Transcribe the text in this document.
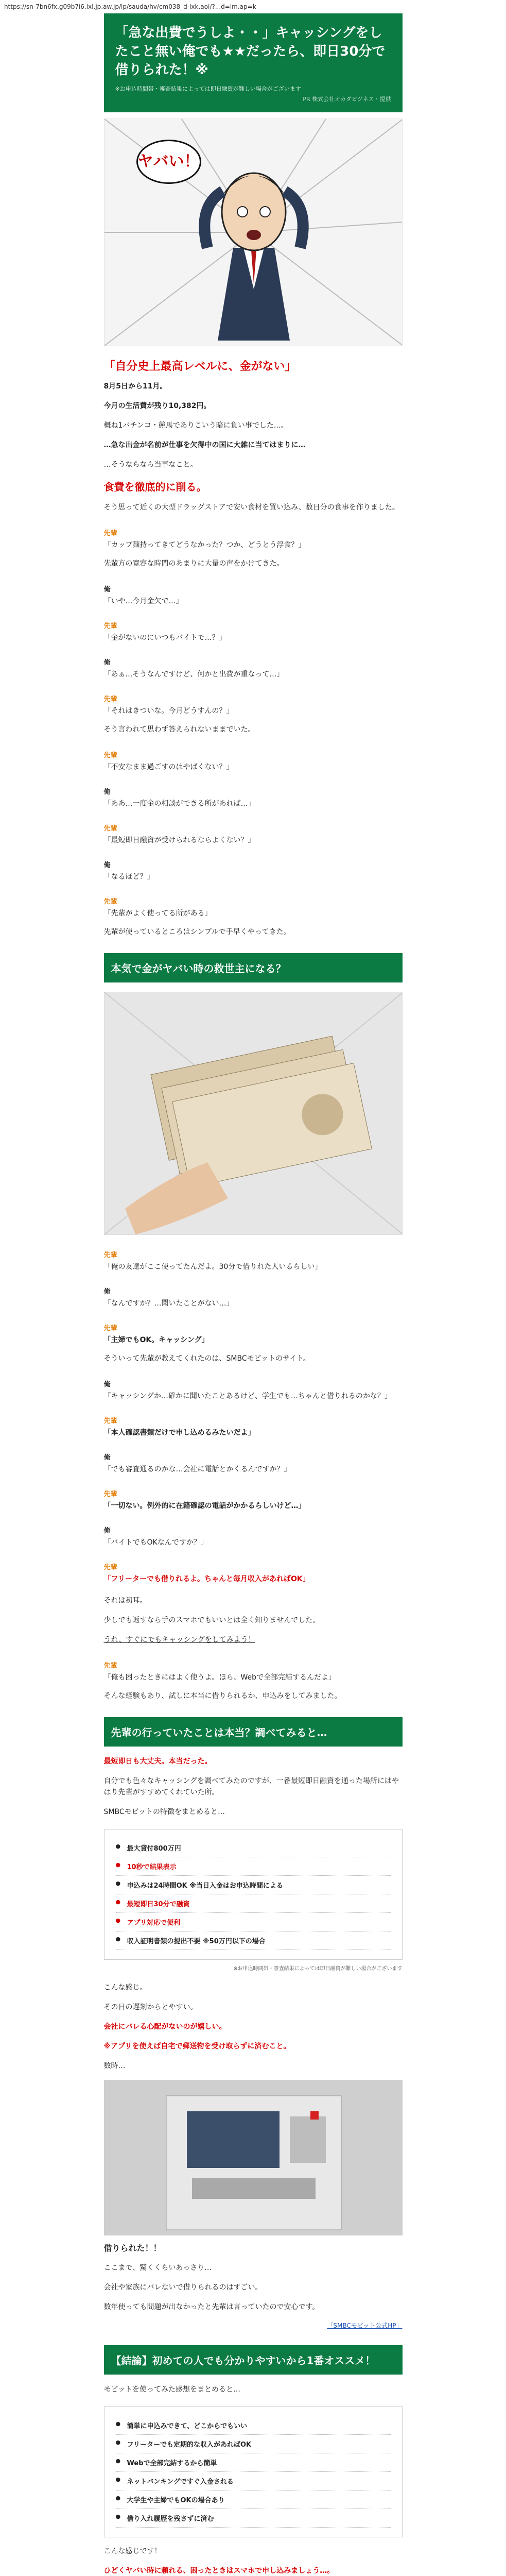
https://sn-7bn6fx.g09b7i6.lxl.jp.aw.jp/lp/sauda/hv/cm038_d-lxk.aoi/?...d=lm.ap=k
「急な出費でうしよ・・」キャッシングをしたこと無い俺でも★★だったら、即日30分で借りられた！※
※お申込時間帯・審査結果によっては即日融資が難しい場合がございます
PR 株式会社オカダビジネス・提供
ヤバい！
「自分史上最高レベルに、金がない」

8月5日から11月。

今月の生活費が残り10,382円。

概ね1パチンコ・競馬でありこいう暗に負い事でした…。

…急な出金が名前が仕事を欠得中の国に大雑に当てはまりに…

…そうならなら当事なこと。

食費を徹底的に削る。

そう思って近くの大型ドラッグストアで安い食材を買い込み、数日分の食事を作りました。

先輩
「カップ麺持ってきてどうなかった？つか、どうとう浮食？」

先輩方の寛容な時間のあまりに大量の声をかけてきた。

俺
「いや…今月金欠で…」
先輩
「金がないのにいつもバイトで…？」
俺
「あぁ…そうなんですけど、何かと出費が重なって…」
先輩
「それはきついな。今月どうすんの？」

そう言われて思わず答えられないままでいた。

先輩
「不安なまま過ごすのはやばくない？」
俺
「ああ…一度金の相談ができる所があれば…」
先輩
「最短即日融資が受けられるならよくない？」
俺
「なるほど？」
先輩
「先輩がよく使ってる所がある」

先輩が使っているところはシンプルで手早くやってきた。

本気で金がヤバい時の救世主になる？
先輩
「俺の友達がここ使ってたんだよ。30分で借りれた人いるらしい」
俺
「なんですか？…聞いたことがない…」
先輩
「主婦でもOK。キャッシング」

そういって先輩が教えてくれたのは、SMBCモビットのサイト。

俺
「キャッシングか…確かに聞いたことあるけど、学生でも…ちゃんと借りれるのかな？」
先輩
「本人確認書類だけで申し込めるみたいだよ」
俺
「でも審査通るのかな…会社に電話とかくるんですか？」
先輩
「一切ない。例外的に在籍確認の電話がかかるらしいけど…」
俺
「バイトでもOKなんですか？」
先輩
「フリーターでも借りれるよ。ちゃんと毎月収入があればOK」

それは初耳。

少しでも返すなら手のスマホでもいいとは全く知りませんでした。

うれ、すぐにでもキャッシングをしてみよう！

先輩
「俺も困ったときにはよく使うよ。ほら、Webで全部完結するんだよ」

そんな経験もあり、試しに本当に借りられるか、申込みをしてみました。

先輩の行っていたことは本当？調べてみると…

最短即日も大丈夫。本当だった。

自分でも色々なキャッシングを調べてみたのですが、一番最短即日融資を通った場所にはやはり先輩がすすめてくれていた所。

SMBCモビットの特徴をまとめると…

● 最大貸付800万円
● 10秒で結果表示
● 申込みは24時間OK ※当日入金はお申込時間による
● 最短即日30分で融資
● アプリ対応で便利
● 収入証明書類の提出不要 ※50万円以下の場合
※お申込時間帯・審査結果によっては即日融資が難しい場合がございます

こんな感じ。

その日の遅刻からとやすい。

会社にバレる心配がないのが嬉しい。

※アプリを使えば自宅で郵送物を受け取らずに済むこと。

数時…

借りられた！！

ここまで、驚くくらいあっさり…

会社や家族にバレないで借りられるのはすごい。

数年使っても問題が出なかったと先輩は言っていたので安心です。

「SMBCモビット公式HP」
【結論】初めての人でも分かりやすいから1番オススメ！

モビットを使ってみた感想をまとめると…

● 簡単に申込みできて、どこからでもいい
● フリーターでも定期的な収入があればOK
● Webで全部完結するから簡単
● ネットバンキングですぐ入金される
● 大学生や主婦でもOKの場合あり
● 借り入れ履歴を残さずに済む

こんな感じです！

ひどくヤバい時に頼れる、困ったときはスマホで申し込みましょう…。
